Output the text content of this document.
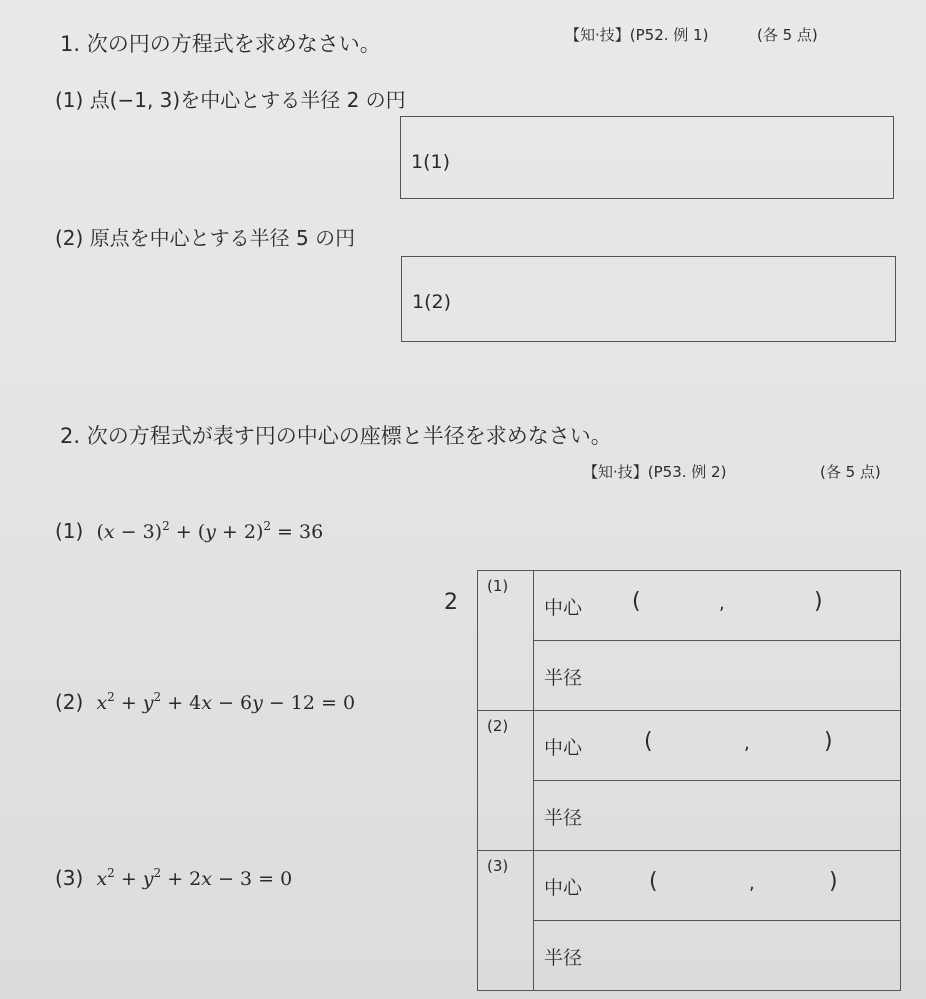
1. 次の円の方程式を求めなさい。	【知·技】(P52. 例 1)	(各 5 点)
(1) 点(−1, 3)を中心とする半径 2 の円
1(1)
(2) 原点を中心とする半径 5 の円
1(2)
2. 次の方程式が表す円の中心の座標と半径を求めなさい。
【知·技】(P53. 例 2)	(各 5 点)
(1) $(x - 3)^2 + (y + 2)^2 = 36$
(2) $x^2 + y^2 + 4x - 6y - 12 = 0$
(3) $x^2 + y^2 + 2x - 3 = 0$
2
(1)	中心 ( , )

	半径

(2)	中心 ( , )

	半径

(3)	中心 ( , )

	半径
